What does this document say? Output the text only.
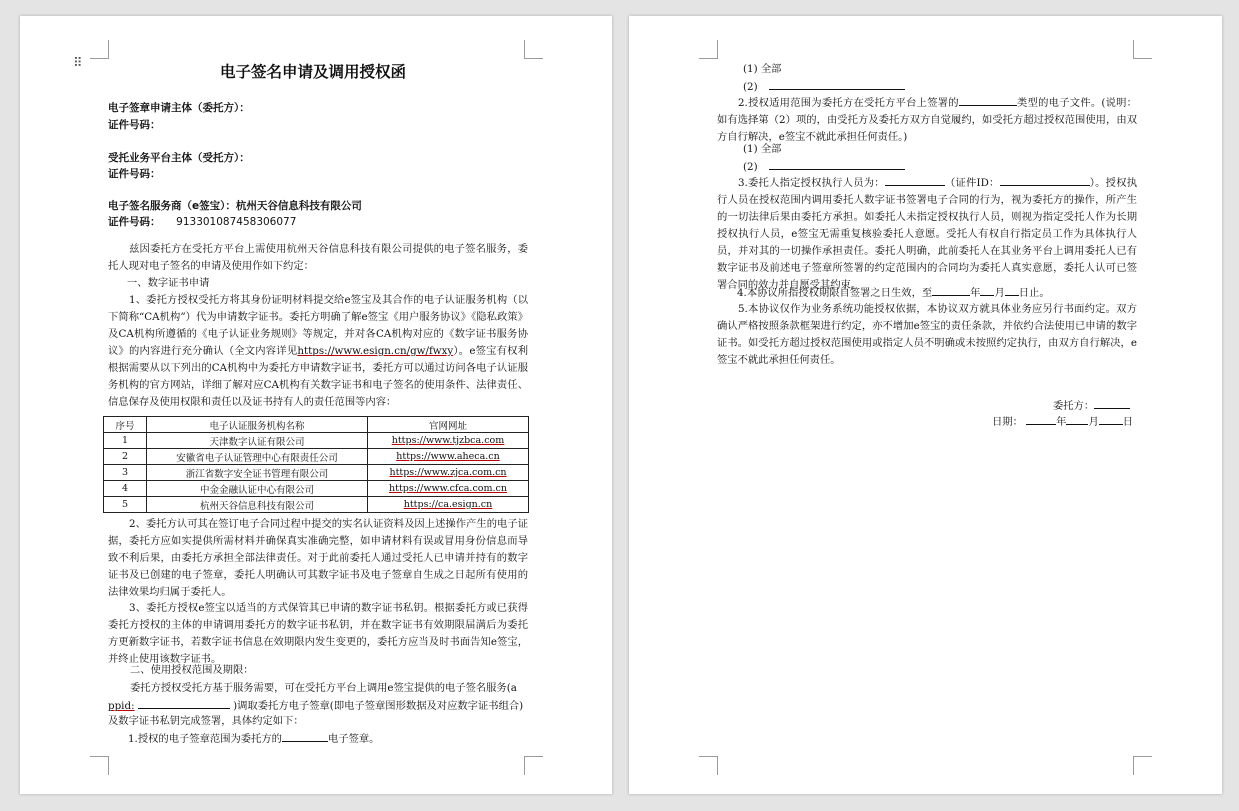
⠿	电子签名申请及调用授权函
电子签章申请主体（委托方）：
证件号码：
受托业务平台主体（受托方）：
证件号码：
电子签名服务商（e签宝）：杭州天谷信息科技有限公司
证件号码： 913301087458306077
兹因委托方在受托方平台上需使用杭州天谷信息科技有限公司提供的电子签名服务，委托人现对电子签名的申请及使用作如下约定：
一、数字证书申请
1、委托方授权受托方将其身份证明材料提交给e签宝及其合作的电子认证服务机构（以下简称“CA机构”）代为申请数字证书。委托方明确了解e签宝《用户服务协议》《隐私政策》及CA机构所遵循的《电子认证业务规则》等规定，并对各CA机构对应的《数字证书服务协议》的内容进行充分确认（全文内容详见https://www.esign.cn/gw/fwxy）。e签宝有权利根据需要从以下列出的CA机构中为委托方申请数字证书，委托方可以通过访问各电子认证服务机构的官方网站，详细了解对应CA机构有关数字证书和电子签名的使用条件、法律责任、信息保存及使用权限和责任以及证书持有人的责任范围等内容：
序号	电子认证服务机构名称	官网网址
1	天津数字认证有限公司	https://www.tjzbca.com
2	安徽省电子认证管理中心有限责任公司	https://www.aheca.cn
3	浙江省数字安全证书管理有限公司	https://www.zjca.com.cn
4	中金金融认证中心有限公司	https://www.cfca.com.cn
5	杭州天谷信息科技有限公司	https://ca.esign.cn
2、委托方认可其在签订电子合同过程中提交的实名认证资料及因上述操作产生的电子证据，委托方应如实提供所需材料并确保真实准确完整，如申请材料有误或冒用身份信息而导致不利后果，由委托方承担全部法律责任。对于此前委托人通过受托人已申请并持有的数字证书及已创建的电子签章，委托人明确认可其数字证书及电子签章自生成之日起所有使用的法律效果均归属于委托人。
3、委托方授权e签宝以适当的方式保管其已申请的数字证书私钥。根据委托方或已获得委托方授权的主体的申请调用委托方的数字证书私钥，并在数字证书有效期限届满后为委托方更新数字证书，若数字证书信息在效期限内发生变更的，委托方应当及时书面告知e签宝，并终止使用该数字证书。
二、使用授权范围及期限：
委托方授权受托方基于服务需要，可在受托方平台上调用e签宝提供的电子签名服务(a
ppid:	)调取委托方电子签章(即电子签章图形数据及对应数字证书组合)
及数字证书私钥完成签署，具体约定如下：
1.授权的电子签章范围为委托方的	电子签章。
(1) 全部
(2)
2.授权适用范围为委托方在受托方平台上签署的	类型的电子文件。(说明：如有选择第（2）项的，由受托方及委托方双方自觉履约，如受托方超过授权范围使用，由双方自行解决，e签宝不就此承担任何责任。)
(1) 全部
(2)
3.委托人指定授权执行人员为：	（证件ID：	）。授权执行人员在授权范围内调用委托人数字证书签署电子合同的行为，视为委托方的操作，所产生的一切法律后果由委托方承担。如委托人未指定授权执行人员，则视为指定受托人作为长期授权执行人员，e签宝无需重复核验委托人意愿。受托人有权自行指定员工作为具体执行人员，并对其的一切操作承担责任。委托人明确，此前委托人在其业务平台上调用委托人已有数字证书及前述电子签章所签署的约定范围内的合同均为委托人真实意愿，委托人认可已签署合同的效力并自愿受其约束。
4.本协议所指授权期限自签署之日生效，至	年 月 日止。
5.本协议仅作为业务系统功能授权依据，本协议双方就具体业务应另行书面约定。双方确认严格按照条款框架进行约定，亦不增加e签宝的责任条款，并依约合法使用已申请的数字证书。如受托方超过授权范围使用或指定人员不明确或未按照约定执行，由双方自行解决，e签宝不就此承担任何责任。
委托方：
日期：	年 月 日
